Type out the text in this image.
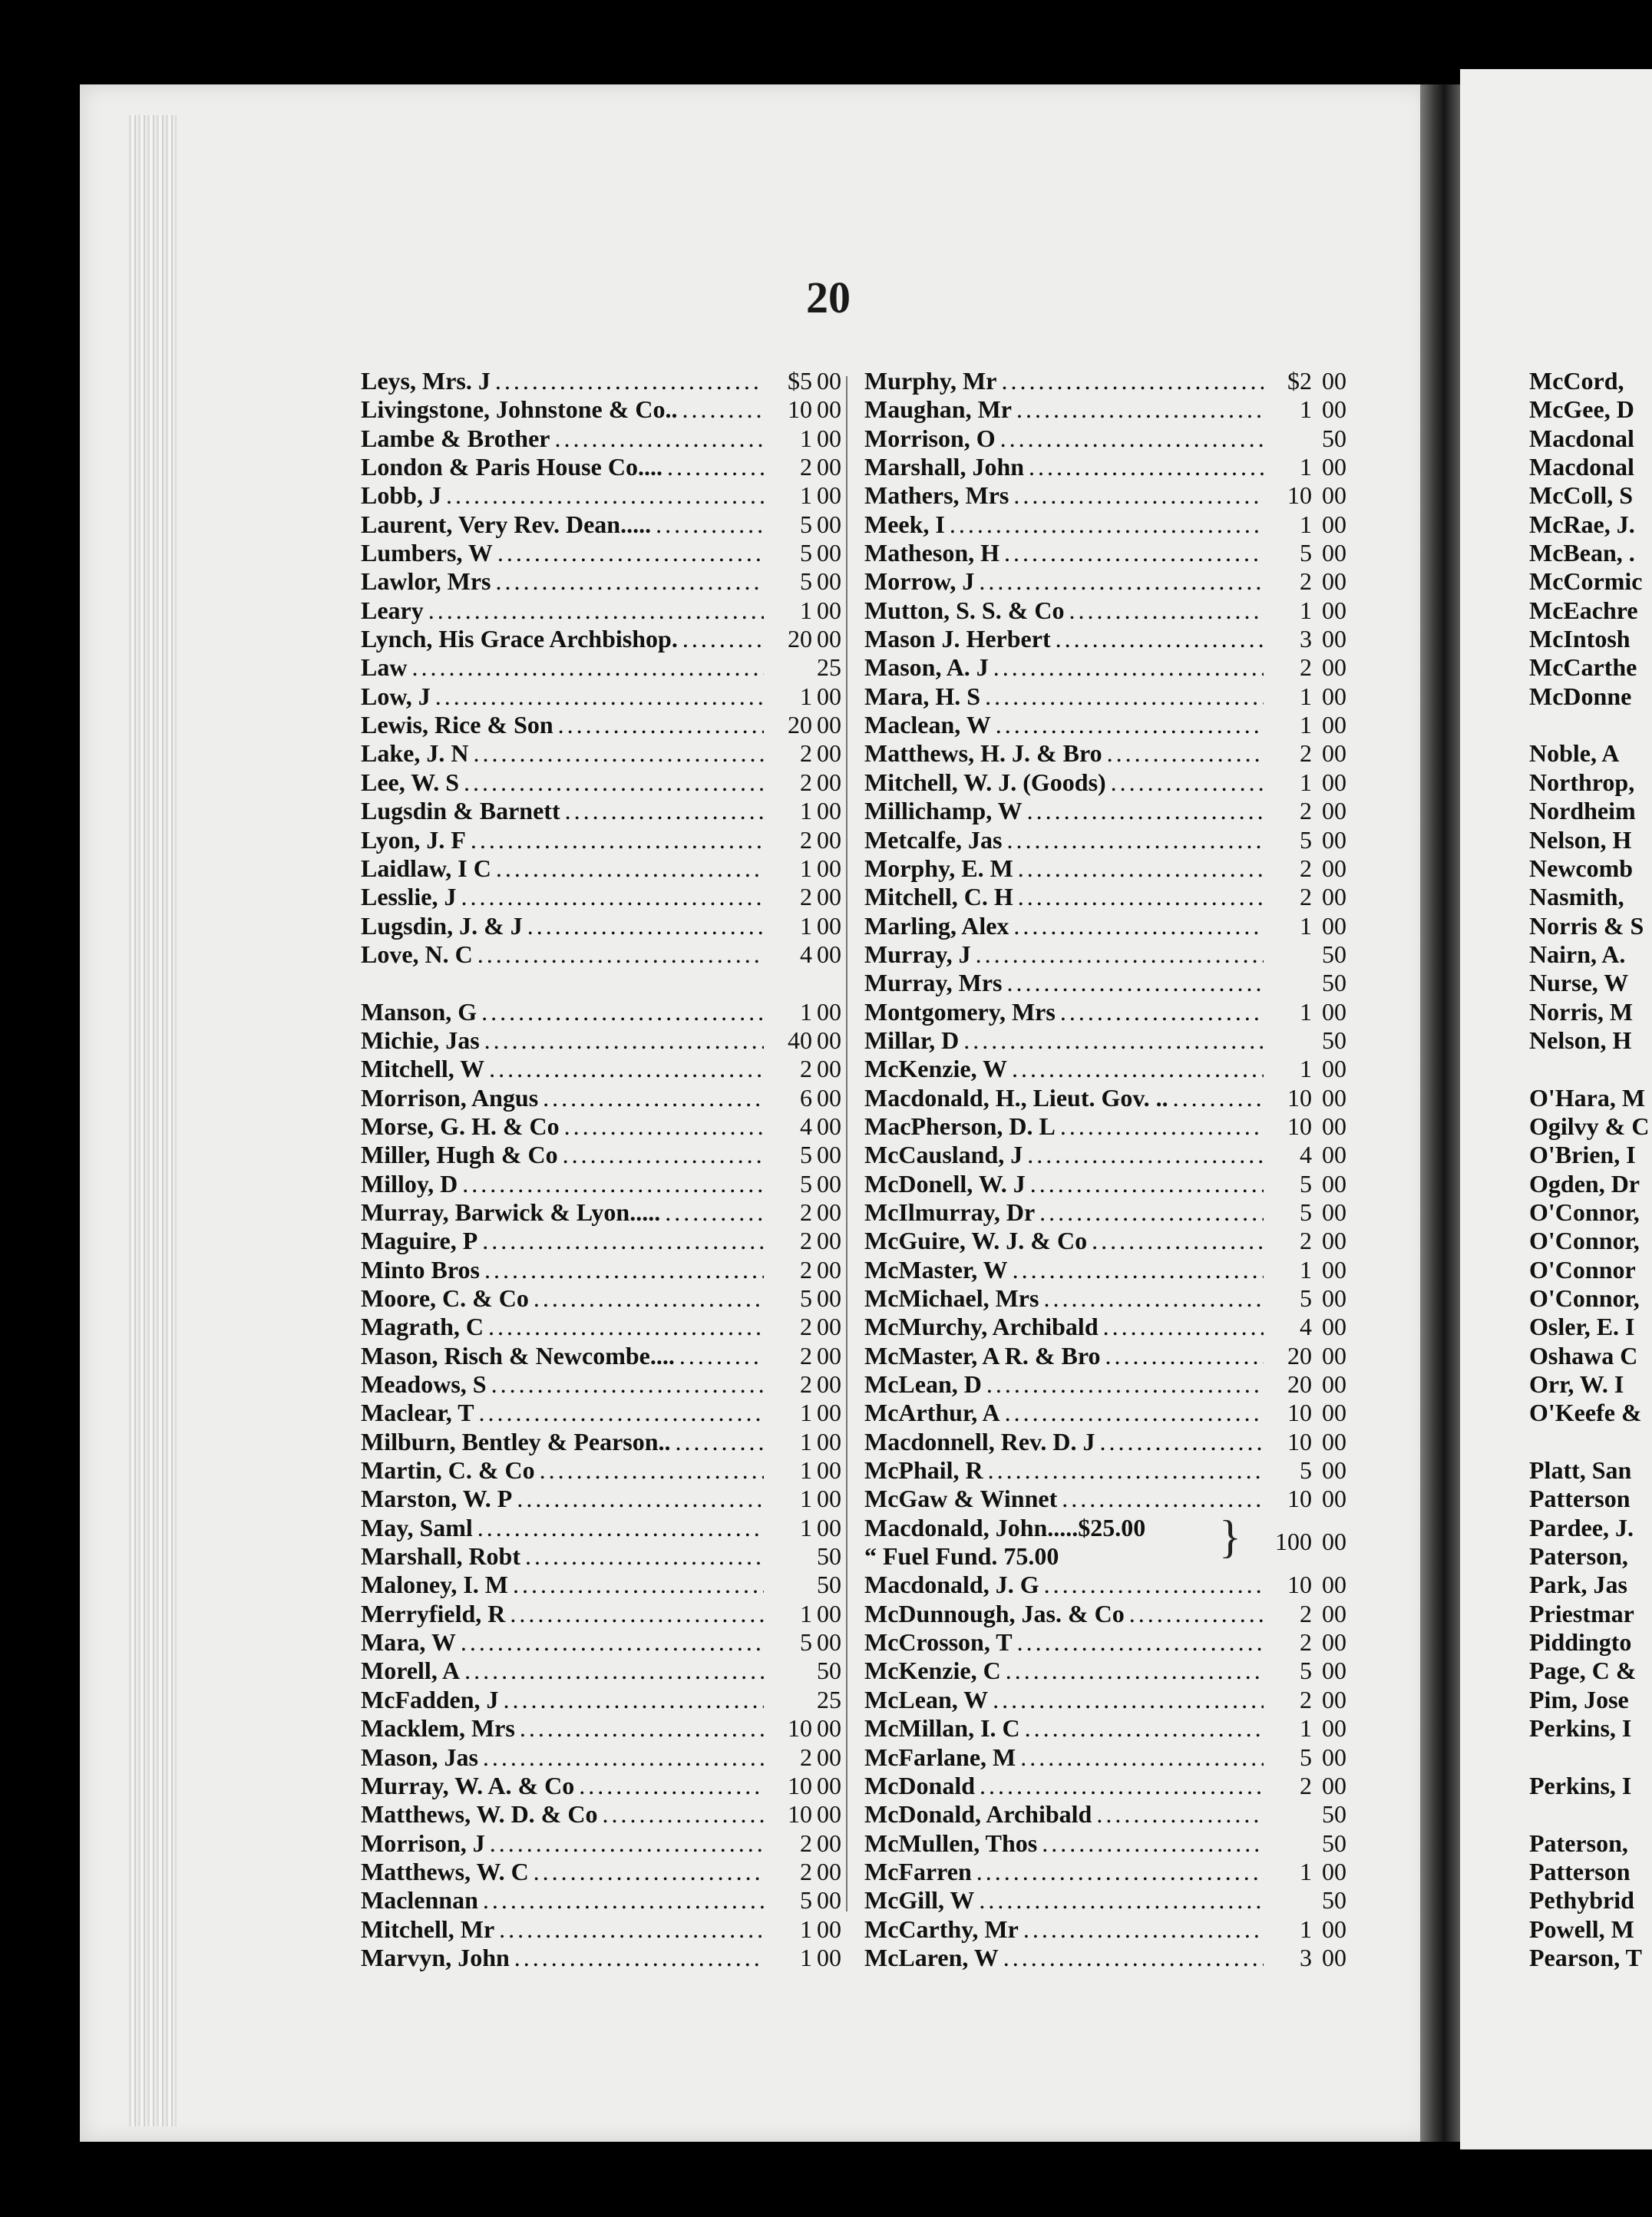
20
Leys, Mrs. J .....	$5 00
Livingstone, Johnstone & Co.. .....	10 00
Lambe & Brother .....	1 00
London & Paris House Co.... .....	2 00
Lobb, J .....	1 00
Laurent, Very Rev. Dean..... .....	5 00
Lumbers, W .....	5 00
Lawlor, Mrs .....	5 00
Leary .....	1 00
Lynch, His Grace Archbishop. .....	20 00
Law .....	25
Low, J .....	1 00
Lewis, Rice & Son .....	20 00
Lake, J. N .....	2 00
Lee, W. S .....	2 00
Lugsdin & Barnett .....	1 00
Lyon, J. F .....	2 00
Laidlaw, I C .....	1 00
Lesslie, J .....	2 00
Lugsdin, J. & J .....	1 00
Love, N. C .....	4 00
Manson, G .....	1 00
Michie, Jas .....	40 00
Mitchell, W .....	2 00
Morrison, Angus .....	6 00
Morse, G. H. & Co .....	4 00
Miller, Hugh & Co .....	5 00
Milloy, D .....	5 00
Murray, Barwick & Lyon..... .....	2 00
Maguire, P .....	2 00
Minto Bros .....	2 00
Moore, C. & Co .....	5 00
Magrath, C .....	2 00
Mason, Risch & Newcombe.... .....	2 00
Meadows, S .....	2 00
Maclear, T .....	1 00
Milburn, Bentley & Pearson.. .....	1 00
Martin, C. & Co .....	1 00
Marston, W. P .....	1 00
May, Saml .....	1 00
Marshall, Robt .....	50
Maloney, I. M .....	50
Merryfield, R .....	1 00
Mara, W .....	5 00
Morell, A .....	50
McFadden, J .....	25
Macklem, Mrs .....	10 00
Mason, Jas .....	2 00
Murray, W. A. & Co .....	10 00
Matthews, W. D. & Co .....	10 00
Morrison, J .....	2 00
Matthews, W. C .....	2 00
Maclennan .....	5 00
Mitchell, Mr .....	1 00
Marvyn, John .....	1 00
Murphy, Mr .....	$2 00
Maughan, Mr .....	1 00
Morrison, O .....	50
Marshall, John .....	1 00
Mathers, Mrs .....	10 00
Meek, I .....	1 00
Matheson, H .....	5 00
Morrow, J .....	2 00
Mutton, S. S. & Co .....	1 00
Mason J. Herbert .....	3 00
Mason, A. J .....	2 00
Mara, H. S .....	1 00
Maclean, W .....	1 00
Matthews, H. J. & Bro .....	2 00
Mitchell, W. J. (Goods) .....	1 00
Millichamp, W .....	2 00
Metcalfe, Jas .....	5 00
Morphy, E. M .....	2 00
Mitchell, C. H .....	2 00
Marling, Alex .....	1 00
Murray, J .....	50
Murray, Mrs .....	50
Montgomery, Mrs .....	1 00
Millar, D .....	50
McKenzie, W .....	1 00
Macdonald, H., Lieut. Gov. .. .....	10 00
MacPherson, D. L .....	10 00
McCausland, J .....	4 00
McDonell, W. J .....	5 00
McIlmurray, Dr .....	5 00
McGuire, W. J. & Co .....	2 00
McMaster, W .....	1 00
McMichael, Mrs .....	5 00
McMurchy, Archibald .....	4 00
McMaster, A R. & Bro .....	20 00
McLean, D .....	20 00
McArthur, A .....	10 00
Macdonnell, Rev. D. J .....	10 00
McPhail, R .....	5 00
McGaw & Winnet .....	10 00
Macdonald, John.....$25.00
“ Fuel Fund. 75.00	}	100 00
Macdonald, J. G .....	10 00
McDunnough, Jas. & Co .....	2 00
McCrosson, T .....	2 00
McKenzie, C .....	5 00
McLean, W .....	2 00
McMillan, I. C .....	1 00
McFarlane, M .....	5 00
McDonald .....	2 00
McDonald, Archibald .....	50
McMullen, Thos .....	50
McFarren .....	1 00
McGill, W .....	50
McCarthy, Mr .....	1 00
McLaren, W .....	3 00
McCord,
McGee, D
Macdonal
Macdonal
McColl, S
McRae, J.
McBean, .
McCormic
McEachre
McIntosh
McCarthe
McDonne
Noble, A
Northrop,
Nordheim
Nelson, H
Newcomb
Nasmith,
Norris & S
Nairn, A.
Nurse, W
Norris, M
Nelson, H
O'Hara, M
Ogilvy & C
O'Brien, I
Ogden, Dr
O'Connor,
O'Connor,
O'Connor
O'Connor,
Osler, E. I
Oshawa C
Orr, W. I
O'Keefe &
Platt, San
Patterson
Pardee, J.
Paterson,
Park, Jas
Priestmar
Piddingto
Page, C &
Pim, Jose
Perkins, I
Perkins, I
Paterson,
Patterson
Pethybrid
Powell, M
Pearson, T
